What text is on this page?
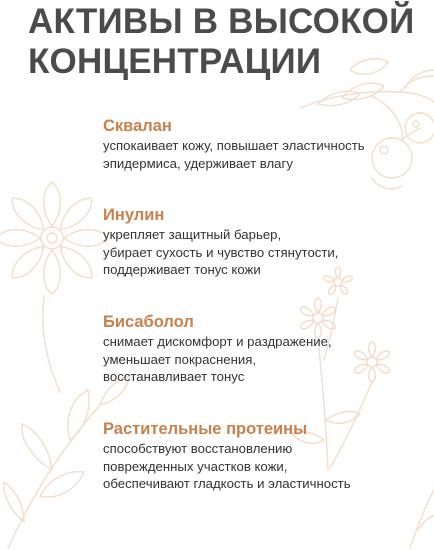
АКТИВЫ В ВЫСОКОЙ
КОНЦЕНТРАЦИИ
Сквалан

успокаивает кожу, повышает эластичность
эпидермиса, удерживает влагу

Инулин

укрепляет защитный барьер,
убирает сухость и чувство стянутости,
поддерживает тонус кожи

Бисаболол

снимает дискомфорт и раздражение,
уменьшает покраснения,
восстанавливает тонус

Растительные протеины

способствуют восстановлению
поврежденных участков кожи,
обеспечивают гладкость и эластичность
